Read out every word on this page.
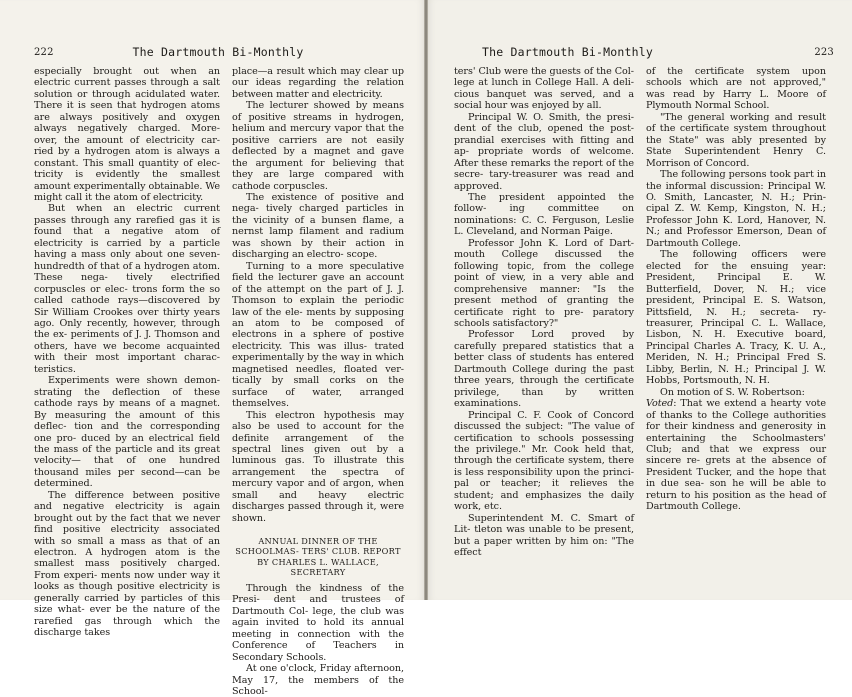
222	The Dartmouth Bi-Monthly

especially brought out when an electric current passes through a salt solution or through acidulated water. There it is seen that hydrogen atoms are always positively and oxygen always negatively charged. More- over, the amount of electricity car- ried by a hydrogen atom is always a constant. This small quantity of elec- tricity is evidently the smallest amount experimentally obtainable. We might call it the atom of electricity.

But when an electric current passes through any rarefied gas it is found that a negative atom of electricity is carried by a particle having a mass only about one seven-hundredth of that of a hydrogen atom. These nega- tively electrified corpuscles or elec- trons form the so called cathode rays—discovered by Sir William Crookes over thirty years ago. Only recently, however, through the ex- periments of J. J. Thomson and others, have we become acquainted with their most important charac- teristics.

Experiments were shown demon- strating the deflection of these cathode rays by means of a magnet. By measuring the amount of this deflec- tion and the corresponding one pro- duced by an electrical field the mass of the particle and its great velocity— that of one hundred thousand miles per second—can be determined.

The difference between positive and negative electricity is again brought out by the fact that we never find positive electricity associated with so small a mass as that of an electron. A hydrogen atom is the smallest mass positively charged. From experi- ments now under way it looks as though positive electricity is generally carried by particles of this size what- ever be the nature of the rarefied gas through which the discharge takes

place—a result which may clear up our ideas regarding the relation between matter and electricity.

The lecturer showed by means of positive streams in hydrogen, helium and mercury vapor that the positive carriers are not easily deflected by a magnet and gave the argument for believing that they are large compared with cathode corpuscles.

The existence of positive and nega- tively charged particles in the vicinity of a bunsen flame, a nernst lamp filament and radium was shown by their action in discharging an electro- scope.

Turning to a more speculative field the lecturer gave an account of the attempt on the part of J. J. Thomson to explain the periodic law of the ele- ments by supposing an atom to be composed of electrons in a sphere of postive electricity. This was illus- trated experimentally by the way in which magnetised needles, floated ver- tically by small corks on the surface of water, arranged themselves.

This electron hypothesis may also be used to account for the definite arrangement of the spectral lines given out by a luminous gas. To illustrate this arrangement the spectra of mercury vapor and of argon, when small and heavy electric discharges passed through it, were shown.

ANNUAL DINNER OF THE SCHOOLMAS- TERS' CLUB. REPORT BY CHARLES L. WALLACE, SECRETARY

Through the kindness of the Presi- dent and trustees of Dartmouth Col- lege, the club was again invited to hold its annual meeting in connection with the Conference of Teachers in Secondary Schools.

At one o'clock, Friday afternoon, May 17, the members of the School-

The Dartmouth Bi-Monthly	223

ters' Club were the guests of the Col- lege at lunch in College Hall. A deli- cious banquet was served, and a social hour was enjoyed by all.

Principal W. O. Smith, the presi- dent of the club, opened the post- prandial exercises with fitting and ap- propriate words of welcome. After these remarks the report of the secre- tary-treasurer was read and approved.

The president appointed the follow- ing committee on nominations: C. C. Ferguson, Leslie L. Cleveland, and Norman Paige.

Professor John K. Lord of Dart- mouth College discussed the following topic, from the college point of view, in a very able and comprehensive manner: "Is the present method of granting the certificate right to pre- paratory schools satisfactory?"

Professor Lord proved by carefully prepared statistics that a better class of students has entered Dartmouth College during the past three years, through the certificate privilege, than by written examinations.

Principal C. F. Cook of Concord discussed the subject: "The value of certification to schools possessing the privilege." Mr. Cook held that, through the certificate system, there is less responsibility upon the princi- pal or teacher; it relieves the student; and emphasizes the daily work, etc.

Superintendent M. C. Smart of Lit- tleton was unable to be present, but a paper written by him on: "The effect

of the certificate system upon schools which are not approved," was read by Harry L. Moore of Plymouth Normal School.

"The general working and result of the certificate system throughout the State" was ably presented by State Superintendent Henry C. Morrison of Concord.

The following persons took part in the informal discussion: Principal W. O. Smith, Lancaster, N. H.; Prin- cipal Z. W. Kemp, Kingston, N. H.; Professor John K. Lord, Hanover, N. N.; and Professor Emerson, Dean of Dartmouth College.

The following officers were elected for the ensuing year: President, Principal E. W. Butterfield, Dover, N. H.; vice president, Principal E. S. Watson, Pittsfield, N. H.; secreta- ry-treasurer, Principal C. L. Wallace, Lisbon, N. H. Executive board, Principal Charles A. Tracy, K. U. A., Meriden, N. H.; Principal Fred S. Libby, Berlin, N. H.; Principal J. W. Hobbs, Portsmouth, N. H.

On motion of S. W. Robertson:
Voted: That we extend a hearty vote of thanks to the College authorities for their kindness and generosity in entertaining the Schoolmasters' Club; and that we express our sincere re- grets at the absence of President Tucker, and the hope that in due sea- son he will be able to return to his position as the head of Dartmouth College.
